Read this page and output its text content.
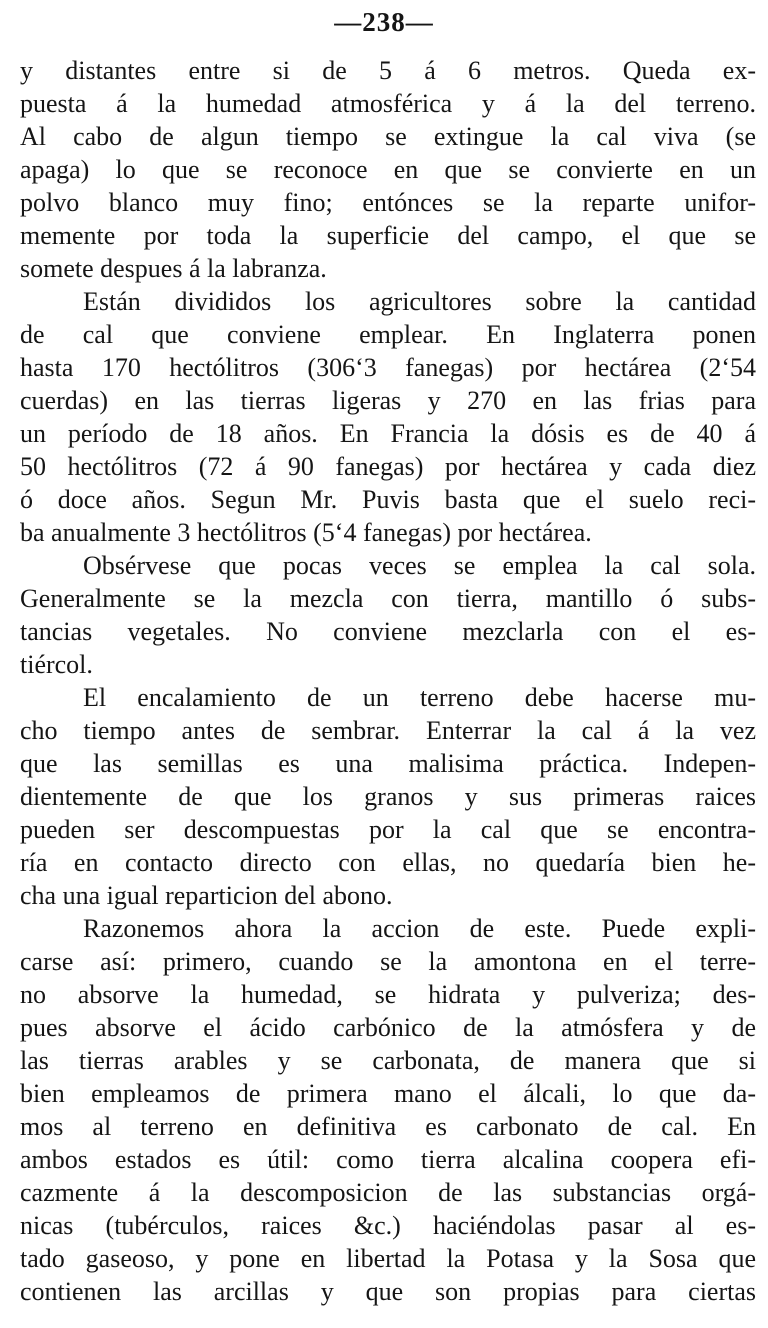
—238—
y distantes entre si de 5 á 6 metros. Queda ex-
puesta á la humedad atmosférica y á la del terreno.
Al cabo de algun tiempo se extingue la cal viva (se
apaga) lo que se reconoce en que se convierte en un
polvo blanco muy fino; entónces se la reparte unifor-
memente por toda la superficie del campo, el que se
somete despues á la labranza.
Están divididos los agricultores sobre la cantidad
de cal que conviene emplear. En Inglaterra ponen
hasta 170 hectólitros (306‘3 fanegas) por hectárea (2‘54
cuerdas) en las tierras ligeras y 270 en las frias para
un período de 18 años. En Francia la dósis es de 40 á
50 hectólitros (72 á 90 fanegas) por hectárea y cada diez
ó doce años. Segun Mr. Puvis basta que el suelo reci-
ba anualmente 3 hectólitros (5‘4 fanegas) por hectárea.
Obsérvese que pocas veces se emplea la cal sola.
Generalmente se la mezcla con tierra, mantillo ó subs-
tancias vegetales. No conviene mezclarla con el es-
tiércol.
El encalamiento de un terreno debe hacerse mu-
cho tiempo antes de sembrar. Enterrar la cal á la vez
que las semillas es una malisima práctica. Indepen-
dientemente de que los granos y sus primeras raices
pueden ser descompuestas por la cal que se encontra-
ría en contacto directo con ellas, no quedaría bien he-
cha una igual reparticion del abono.
Razonemos ahora la accion de este. Puede expli-
carse así: primero, cuando se la amontona en el terre-
no absorve la humedad, se hidrata y pulveriza; des-
pues absorve el ácido carbónico de la atmósfera y de
las tierras arables y se carbonata, de manera que si
bien empleamos de primera mano el álcali, lo que da-
mos al terreno en definitiva es carbonato de cal. En
ambos estados es útil: como tierra alcalina coopera efi-
cazmente á la descomposicion de las substancias orgá-
nicas (tubérculos, raices &c.) haciéndolas pasar al es-
tado gaseoso, y pone en libertad la Potasa y la Sosa que
contienen las arcillas y que son propias para ciertas
